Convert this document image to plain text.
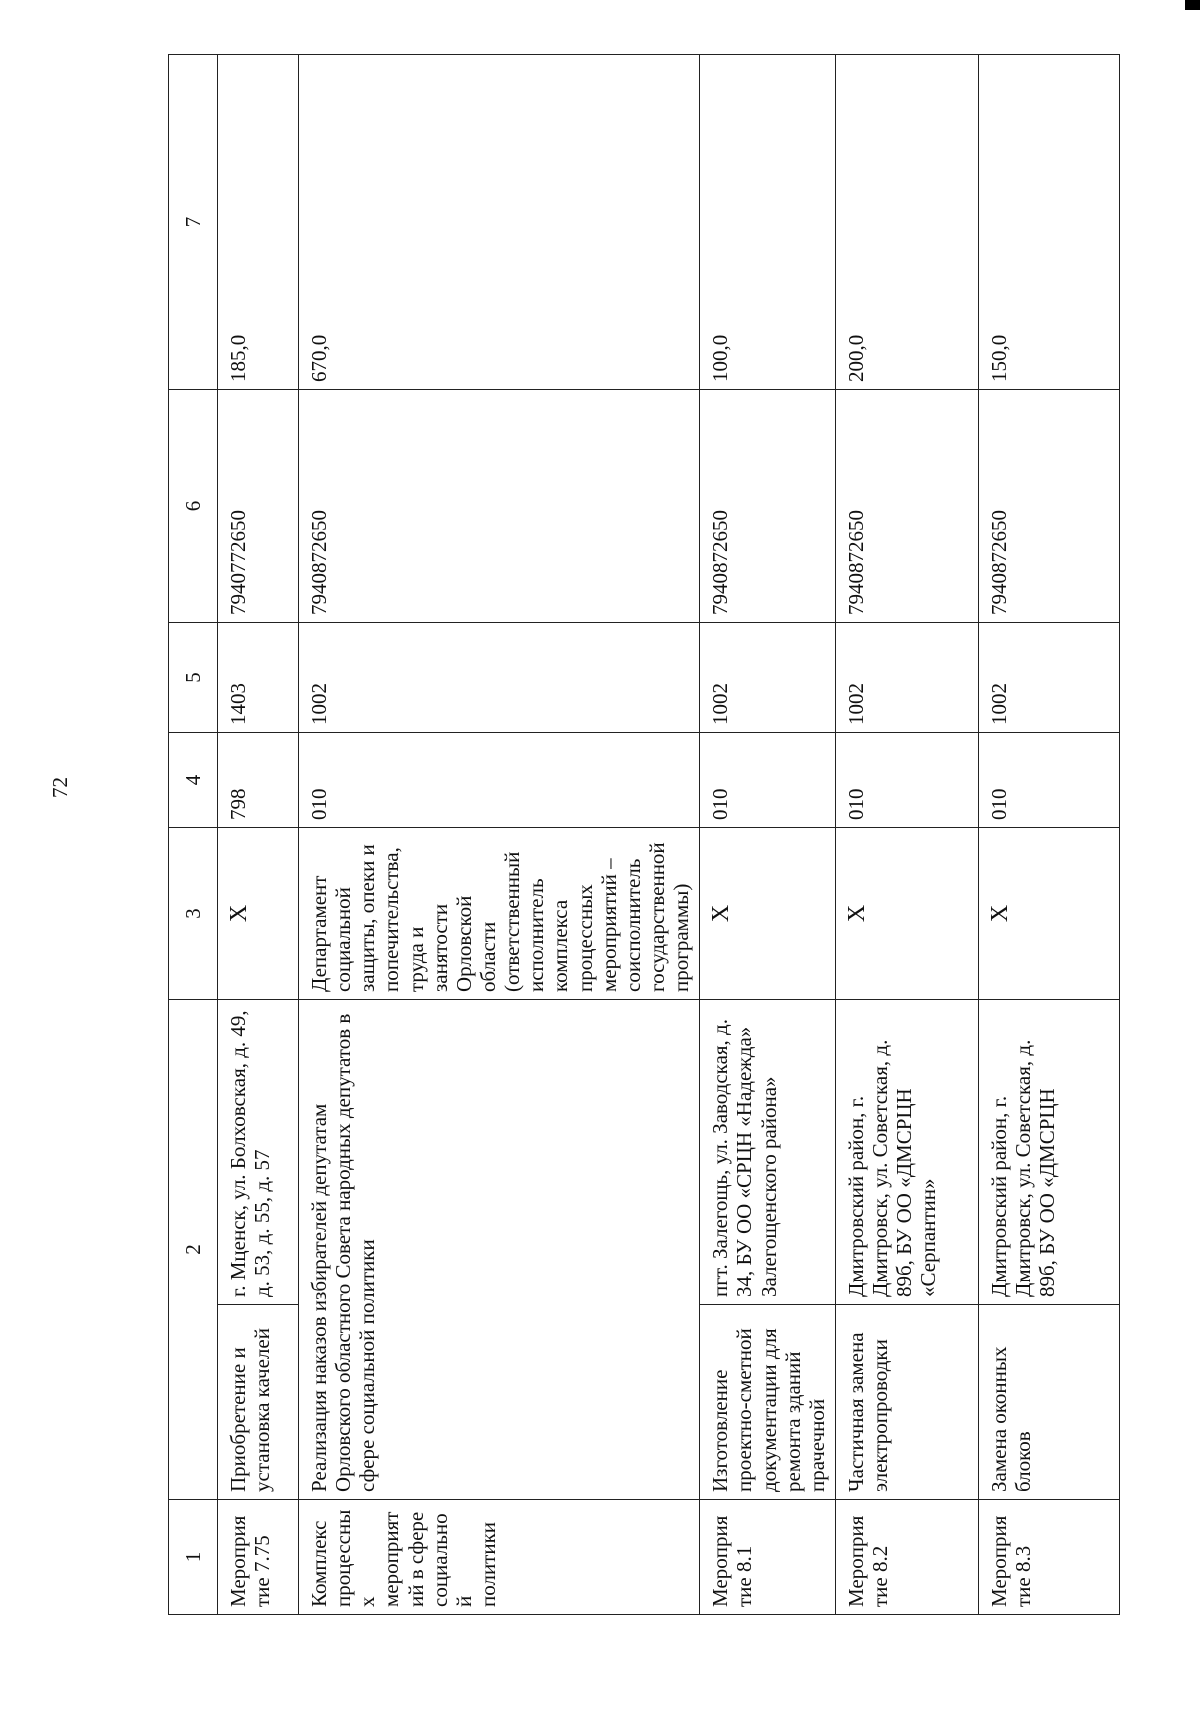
72
1	2		3	4	5	6	7
Мероприятие 7.75	Приобретение и установка качелей	г. Мценск, ул. Болховская, д. 49, д. 53, д. 55, д. 57	X	798	1403	7940772650	185,0
Комплекс процессных мероприятий в сфере социальной политики	Реализация наказов избирателей депутатам Орловского областного Совета народных депутатов в сфере социальной политики		Департамент социальной защиты, опеки и попечительства, труда и занятости Орловской области (ответственный исполнитель комплекса процессных мероприятий – соисполнитель государственной программы)	010	1002	7940872650	670,0
Мероприятие 8.1	Изготовление проектно-сметной документации для ремонта зданий прачечной	пгт. Залегощь, ул. Заводская, д. 34, БУ ОО «СРЦН «Надежда» Залегощенского района»	X	010	1002	7940872650	100,0
Мероприятие 8.2	Частичная замена электропроводки	Дмитровский район, г. Дмитровск, ул. Советская, д. 89б, БУ ОО «ДМСРЦН «Серпантин»	X	010	1002	7940872650	200,0
Мероприятие 8.3	Замена оконных блоков	Дмитровский район, г. Дмитровск, ул. Советская, д. 89б, БУ ОО «ДМСРЦН	X	010	1002	7940872650	150,0
